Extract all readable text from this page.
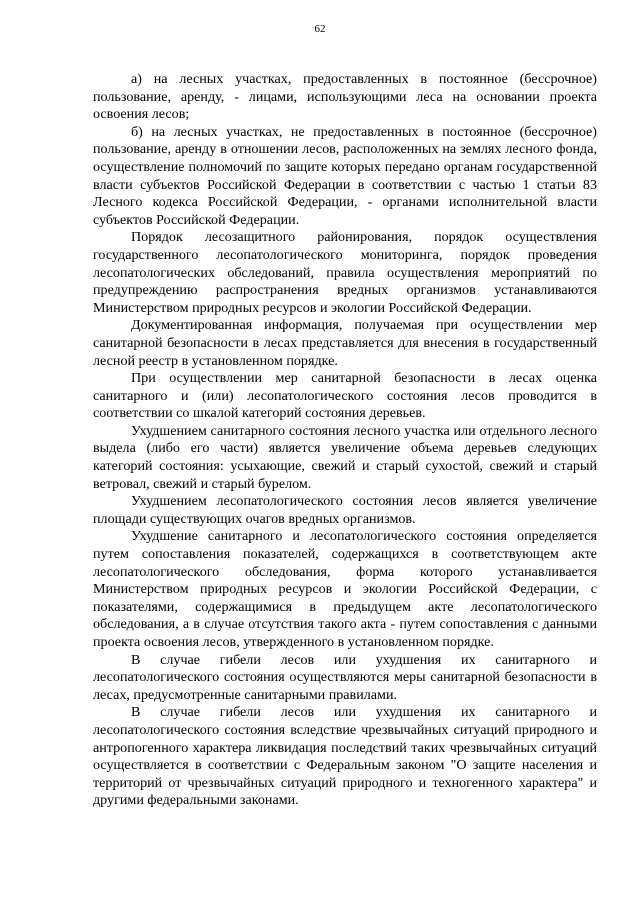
62

а) на лесных участках, предоставленных в постоянное (бессрочное) пользование, аренду, - лицами, использующими леса на основании проекта освоения лесов;

б) на лесных участках, не предоставленных в постоянное (бессрочное) пользование, аренду в отношении лесов, расположенных на землях лесного фонда, осуществление полномочий по защите которых передано органам государственной власти субъектов Российской Федерации в соответствии с частью 1 статьи 83 Лесного кодекса Российской Федерации, - органами исполнительной власти субъектов Российской Федерации.

Порядок лесозащитного районирования, порядок осуществления государственного лесопатологического мониторинга, порядок проведения лесопатологических обследований, правила осуществления мероприятий по предупреждению распространения вредных организмов устанавливаются Министерством природных ресурсов и экологии Российской Федерации.

Документированная информация, получаемая при осуществлении мер санитарной безопасности в лесах представляется для внесения в государственный лесной реестр в установленном порядке.

При осуществлении мер санитарной безопасности в лесах оценка санитарного и (или) лесопатологического состояния лесов проводится в соответствии со шкалой категорий состояния деревьев.

Ухудшением санитарного состояния лесного участка или отдельного лесного выдела (либо его части) является увеличение объема деревьев следующих категорий состояния: усыхающие, свежий и старый сухостой, свежий и старый ветровал, свежий и старый бурелом.

Ухудшением лесопатологического состояния лесов является увеличение площади существующих очагов вредных организмов.

Ухудшение санитарного и лесопатологического состояния определяется путем сопоставления показателей, содержащихся в соответствующем акте лесопатологического обследования, форма которого устанавливается Министерством природных ресурсов и экологии Российской Федерации, с показателями, содержащимися в предыдущем акте лесопатологического обследования, а в случае отсутствия такого акта - путем сопоставления с данными проекта освоения лесов, утвержденного в установленном порядке.

В случае гибели лесов или ухудшения их санитарного и лесопатологического состояния осуществляются меры санитарной безопасности в лесах, предусмотренные санитарными правилами.

В случае гибели лесов или ухудшения их санитарного и лесопатологического состояния вследствие чрезвычайных ситуаций природного и антропогенного характера ликвидация последствий таких чрезвычайных ситуаций осуществляется в соответствии с Федеральным законом "О защите населения и территорий от чрезвычайных ситуаций природного и техногенного характера" и другими федеральными законами.
